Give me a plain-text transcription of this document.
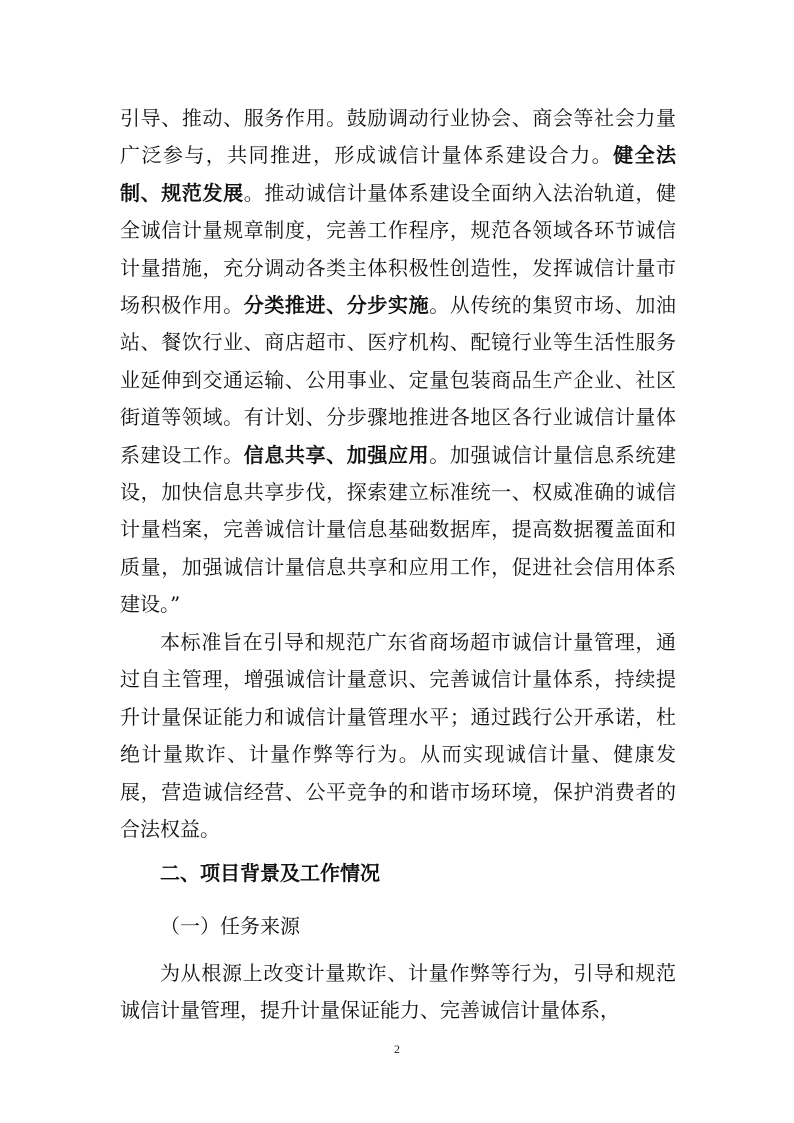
引导、推动、服务作用。鼓励调动行业协会、商会等社会力量广泛参与，共同推进，形成诚信计量体系建设合力。健全法制、规范发展。推动诚信计量体系建设全面纳入法治轨道，健全诚信计量规章制度，完善工作程序，规范各领域各环节诚信计量措施，充分调动各类主体积极性创造性，发挥诚信计量市场积极作用。分类推进、分步实施。从传统的集贸市场、加油站、餐饮行业、商店超市、医疗机构、配镜行业等生活性服务业延伸到交通运输、公用事业、定量包装商品生产企业、社区街道等领域。有计划、分步骤地推进各地区各行业诚信计量体系建设工作。信息共享、加强应用。加强诚信计量信息系统建设，加快信息共享步伐，探索建立标准统一、权威准确的诚信计量档案，完善诚信计量信息基础数据库，提高数据覆盖面和质量，加强诚信计量信息共享和应用工作，促进社会信用体系建设。”
本标准旨在引导和规范广东省商场超市诚信计量管理，通过自主管理，增强诚信计量意识、完善诚信计量体系，持续提升计量保证能力和诚信计量管理水平；通过践行公开承诺，杜绝计量欺诈、计量作弊等行为。从而实现诚信计量、健康发展，营造诚信经营、公平竞争的和谐市场环境，保护消费者的合法权益。
二、项目背景及工作情况
（一）任务来源
为从根源上改变计量欺诈、计量作弊等行为，引导和规范诚信计量管理，提升计量保证能力、完善诚信计量体系，
2
